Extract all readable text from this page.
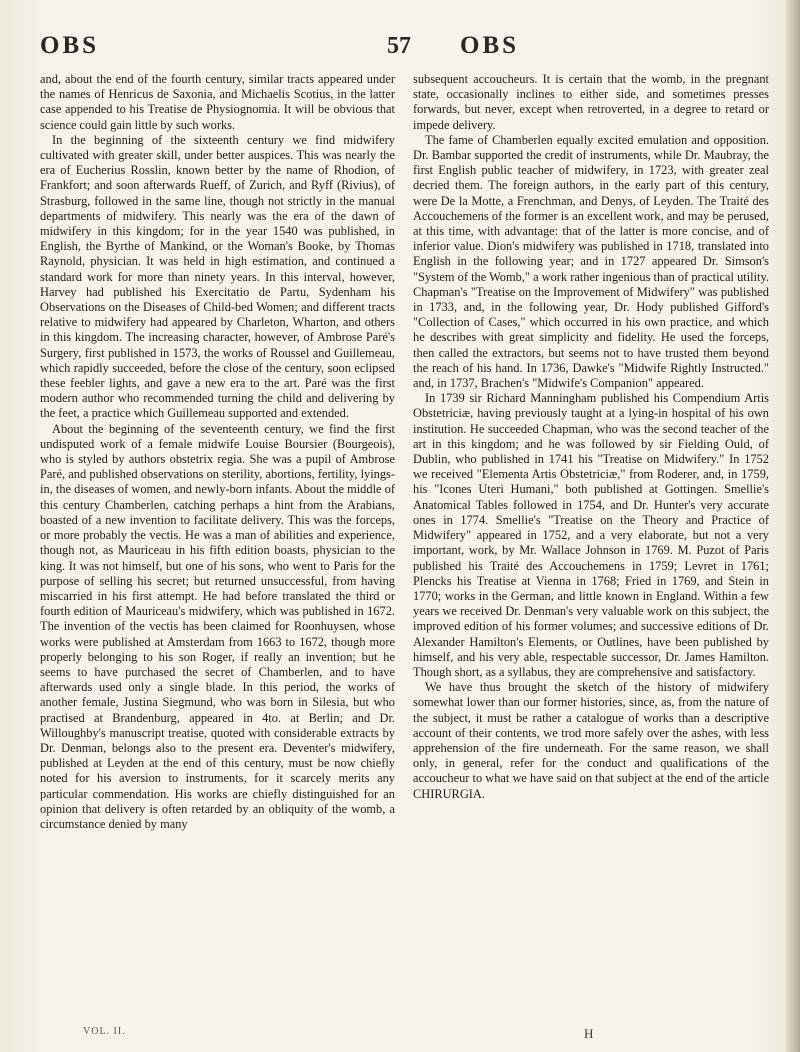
OBS	57 OBS

and, about the end of the fourth century, similar tracts appeared under the names of Henricus de Saxonia, and Michaelis Scotius, in the latter case appended to his Treatise de Physiognomia. It will be obvious that science could gain little by such works.

In the beginning of the sixteenth century we find midwifery cultivated with greater skill, under better auspices. This was nearly the era of Eucherius Rosslin, known better by the name of Rhodion, of Frankfort; and soon afterwards Rueff, of Zurich, and Ryff (Rivius), of Strasburg, followed in the same line, though not strictly in the manual departments of midwifery. This nearly was the era of the dawn of midwifery in this kingdom; for in the year 1540 was published, in English, the Byrthe of Mankind, or the Woman's Booke, by Thomas Raynold, physician. It was held in high estimation, and continued a standard work for more than ninety years. In this interval, however, Harvey had published his Exercitatio de Partu, Sydenham his Observations on the Diseases of Child-bed Women; and different tracts relative to midwifery had appeared by Charleton, Wharton, and others in this kingdom. The increasing character, however, of Ambrose Paré's Surgery, first published in 1573, the works of Roussel and Guillemeau, which rapidly succeeded, before the close of the century, soon eclipsed these feebler lights, and gave a new era to the art. Paré was the first modern author who recommended turning the child and delivering by the feet, a practice which Guillemeau supported and extended.

About the beginning of the seventeenth century, we find the first undisputed work of a female midwife Louise Boursier (Bourgeois), who is styled by authors obstetrix regia. She was a pupil of Ambrose Paré, and published observations on sterility, abortions, fertility, lyings-in, the diseases of women, and newly-born infants. About the middle of this century Chamberlen, catching perhaps a hint from the Arabians, boasted of a new invention to facilitate delivery. This was the forceps, or more probably the vectis. He was a man of abilities and experience, though not, as Mauriceau in his fifth edition boasts, physician to the king. It was not himself, but one of his sons, who went to Paris for the purpose of selling his secret; but returned unsuccessful, from having miscarried in his first attempt. He had before translated the third or fourth edition of Mauriceau's midwifery, which was published in 1672. The invention of the vectis has been claimed for Roonhuysen, whose works were published at Amsterdam from 1663 to 1672, though more properly belonging to his son Roger, if really an invention; but he seems to have purchased the secret of Chamberlen, and to have afterwards used only a single blade. In this period, the works of another female, Justina Siegmund, who was born in Silesia, but who practised at Brandenburg, appeared in 4to. at Berlin; and Dr. Willoughby's manuscript treatise, quoted with considerable extracts by Dr. Denman, belongs also to the present era. Deventer's midwifery, published at Leyden at the end of this century, must be now chiefly noted for his aversion to instruments, for it scarcely merits any particular commendation. His works are chiefly distinguished for an opinion that delivery is often retarded by an obliquity of the womb, a circumstance denied by many

subsequent accoucheurs. It is certain that the womb, in the pregnant state, occasionally inclines to either side, and sometimes presses forwards, but never, except when retroverted, in a degree to retard or impede delivery.

The fame of Chamberlen equally excited emulation and opposition. Dr. Bambar supported the credit of instruments, while Dr. Maubray, the first English public teacher of midwifery, in 1723, with greater zeal decried them. The foreign authors, in the early part of this century, were De la Motte, a Frenchman, and Denys, of Leyden. The Traité des Accouchemens of the former is an excellent work, and may be perused, at this time, with advantage: that of the latter is more concise, and of inferior value. Dion's midwifery was published in 1718, translated into English in the following year; and in 1727 appeared Dr. Simson's "System of the Womb," a work rather ingenious than of practical utility. Chapman's "Treatise on the Improvement of Midwifery" was published in 1733, and, in the following year, Dr. Hody published Gifford's "Collection of Cases," which occurred in his own practice, and which he describes with great simplicity and fidelity. He used the forceps, then called the extractors, but seems not to have trusted them beyond the reach of his hand. In 1736, Dawke's "Midwife Rightly Instructed." and, in 1737, Brachen's "Midwife's Companion" appeared.

In 1739 sir Richard Manningham published his Compendium Artis Obstetriciæ, having previously taught at a lying-in hospital of his own institution. He succeeded Chapman, who was the second teacher of the art in this kingdom; and he was followed by sir Fielding Ould, of Dublin, who published in 1741 his "Treatise on Midwifery." In 1752 we received "Elementa Artis Obstetriciæ," from Roderer, and, in 1759, his "Icones Uteri Humani," both published at Gottingen. Smellie's Anatomical Tables followed in 1754, and Dr. Hunter's very accurate ones in 1774. Smellie's "Treatise on the Theory and Practice of Midwifery" appeared in 1752, and a very elaborate, but not a very important, work, by Mr. Wallace Johnson in 1769. M. Puzot of Paris published his Traité des Accouchemens in 1759; Levret in 1761; Plencks his Treatise at Vienna in 1768; Fried in 1769, and Stein in 1770; works in the German, and little known in England. Within a few years we received Dr. Denman's very valuable work on this subject, the improved edition of his former volumes; and successive editions of Dr. Alexander Hamilton's Elements, or Outlines, have been published by himself, and his very able, respectable successor, Dr. James Hamilton. Though short, as a syllabus, they are comprehensive and satisfactory.

We have thus brought the sketch of the history of midwifery somewhat lower than our former histories, since, as, from the nature of the subject, it must be rather a catalogue of works than a descriptive account of their contents, we trod more safely over the ashes, with less apprehension of the fire underneath. For the same reason, we shall only, in general, refer for the conduct and qualifications of the accoucheur to what we have said on that subject at the end of the article CHIRURGIA.

VOL. II.	H
